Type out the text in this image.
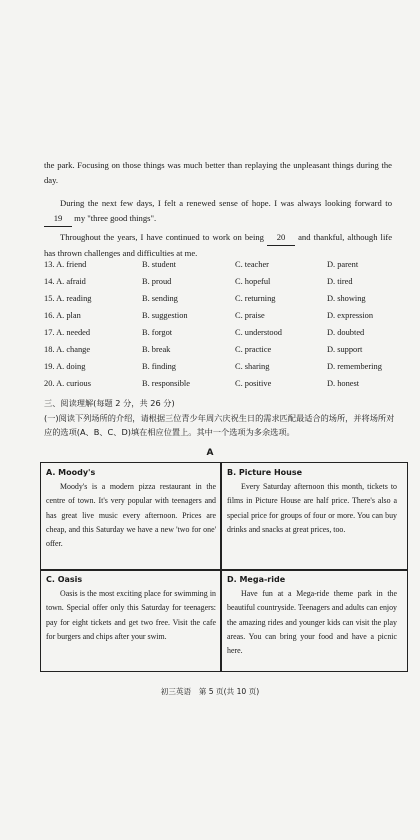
the park. Focusing on those things was much better than replaying the unpleasant things during the day.
During the next few days, I felt a renewed sense of hope. I was always looking forward to 19 my "three good things".
Throughout the years, I have continued to work on being 20 and thankful, although life has thrown challenges and difficulties at me.
13. A. friend	B. student	C. teacher	D. parent
14. A. afraid	B. proud	C. hopeful	D. tired
15. A. reading	B. sending	C. returning	D. showing
16. A. plan	B. suggestion	C. praise	D. expression
17. A. needed	B. forgot	C. understood	D. doubted
18. A. change	B. break	C. practice	D. support
19. A. doing	B. finding	C. sharing	D. remembering
20. A. curious	B. responsible	C. positive	D. honest
三、阅读理解(每题 2 分，共 26 分)
(一)阅读下列场所的介绍，请根据三位青少年周六庆祝生日的需求匹配最适合的场所，并将场所对应的选项(A、B、C、D)填在相应位置上。其中一个选项为多余选项。
A
A. Moody's
Moody's is a modern pizza restaurant in the centre of town. It's very popular with teenagers and has great live music every afternoon. Prices are cheap, and this Saturday we have a new 'two for one' offer.
B. Picture House
Every Saturday afternoon this month, tickets to films in Picture House are half price. There's also a special price for groups of four or more. You can buy drinks and snacks at great prices, too.
C. Oasis
Oasis is the most exciting place for swimming in town. Special offer only this Saturday for teenagers: pay for eight tickets and get two free. Visit the cafe for burgers and chips after your swim.
D. Mega-ride
Have fun at a Mega-ride theme park in the beautiful countryside. Teenagers and adults can enjoy the amazing rides and younger kids can visit the play areas. You can bring your food and have a picnic here.
初三英语　第 5 页(共 10 页)
